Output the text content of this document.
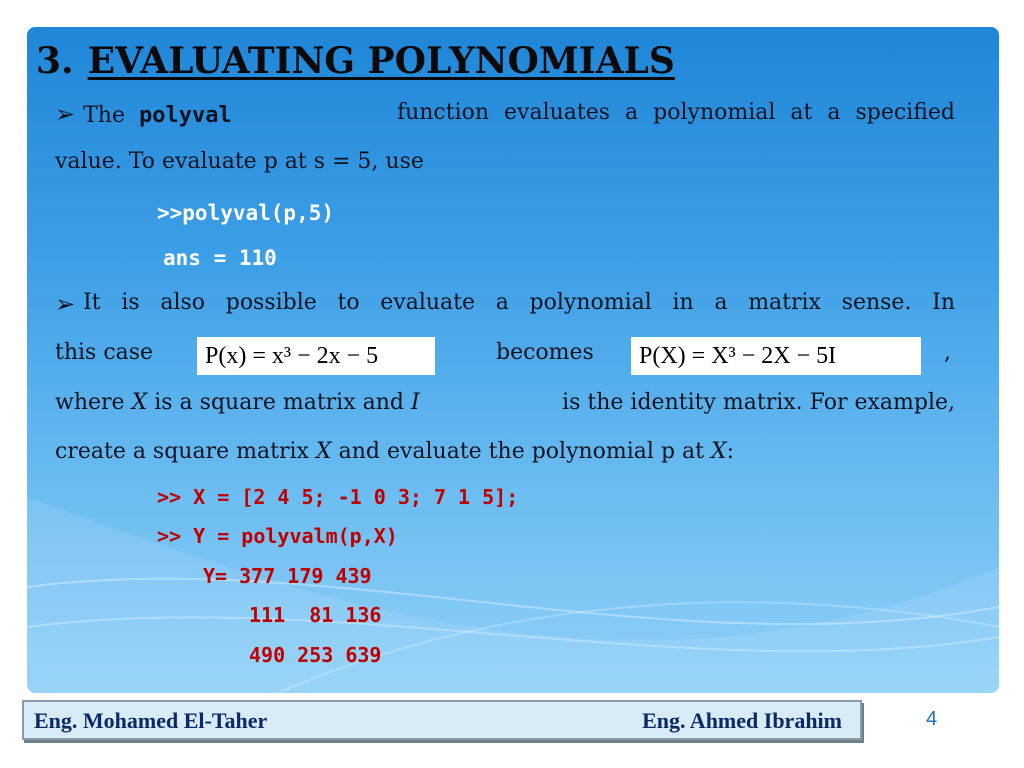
3. EVALUATING POLYNOMIALS
➢ The polyval	function evaluates a polynomial at a specified
value. To evaluate p at s = 5, use
>>polyval(p,5)
ans = 110
➢ It is also possible to evaluate a polynomial in a matrix sense. In
this case	P(x) = x³ − 2x − 5	becomes	P(X) = X³ − 2X − 5I	,
where X is a square matrix and I	is the identity matrix. For example,
create a square matrix X and evaluate the polynomial p at X:
>> X = [2 4 5; -1 0 3; 7 1 5];
>> Y = polyvalm(p,X)
Y= 377 179 439
111  81 136
490 253 639
Eng. Mohamed El-Taher	Eng. Ahmed Ibrahim	4
